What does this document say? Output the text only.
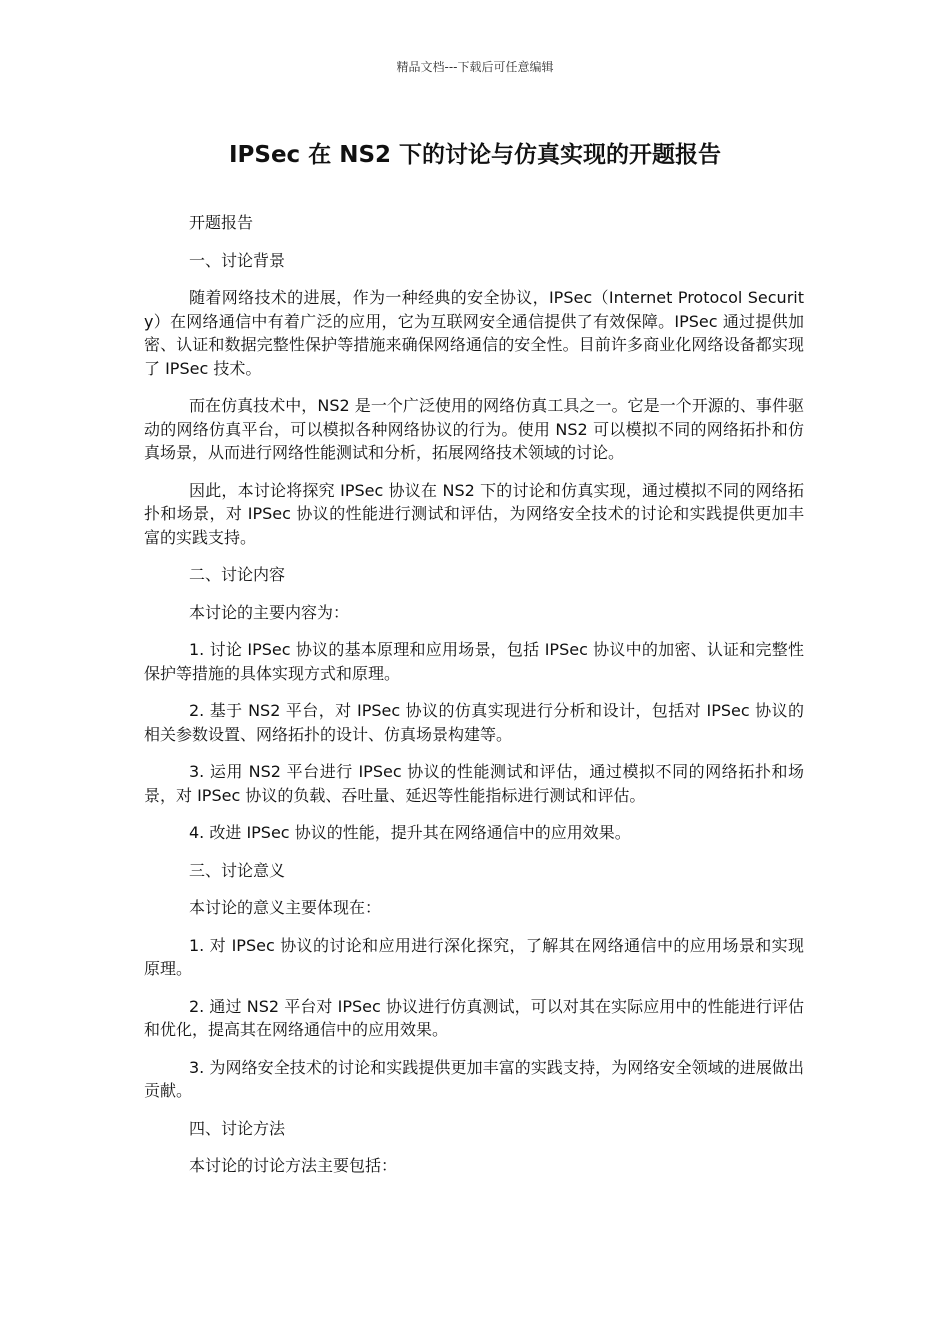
精品文档---下载后可任意编辑
IPSec 在 NS2 下的讨论与仿真实现的开题报告

开题报告

一、讨论背景

随着网络技术的进展，作为一种经典的安全协议，IPSec（Internet Protocol Security）在网络通信中有着广泛的应用，它为互联网安全通信提供了有效保障。IPSec 通过提供加密、认证和数据完整性保护等措施来确保网络通信的安全性。目前许多商业化网络设备都实现了 IPSec 技术。

而在仿真技术中，NS2 是一个广泛使用的网络仿真工具之一。它是一个开源的、事件驱动的网络仿真平台，可以模拟各种网络协议的行为。使用 NS2 可以模拟不同的网络拓扑和仿真场景，从而进行网络性能测试和分析，拓展网络技术领域的讨论。

因此，本讨论将探究 IPSec 协议在 NS2 下的讨论和仿真实现，通过模拟不同的网络拓扑和场景，对 IPSec 协议的性能进行测试和评估，为网络安全技术的讨论和实践提供更加丰富的实践支持。

二、讨论内容

本讨论的主要内容为：

1. 讨论 IPSec 协议的基本原理和应用场景，包括 IPSec 协议中的加密、认证和完整性保护等措施的具体实现方式和原理。

2. 基于 NS2 平台，对 IPSec 协议的仿真实现进行分析和设计，包括对 IPSec 协议的相关参数设置、网络拓扑的设计、仿真场景构建等。

3. 运用 NS2 平台进行 IPSec 协议的性能测试和评估，通过模拟不同的网络拓扑和场景，对 IPSec 协议的负载、吞吐量、延迟等性能指标进行测试和评估。

4. 改进 IPSec 协议的性能，提升其在网络通信中的应用效果。

三、讨论意义

本讨论的意义主要体现在：

1. 对 IPSec 协议的讨论和应用进行深化探究，了解其在网络通信中的应用场景和实现原理。

2. 通过 NS2 平台对 IPSec 协议进行仿真测试，可以对其在实际应用中的性能进行评估和优化，提高其在网络通信中的应用效果。

3. 为网络安全技术的讨论和实践提供更加丰富的实践支持，为网络安全领域的进展做出贡献。

四、讨论方法

本讨论的讨论方法主要包括：
